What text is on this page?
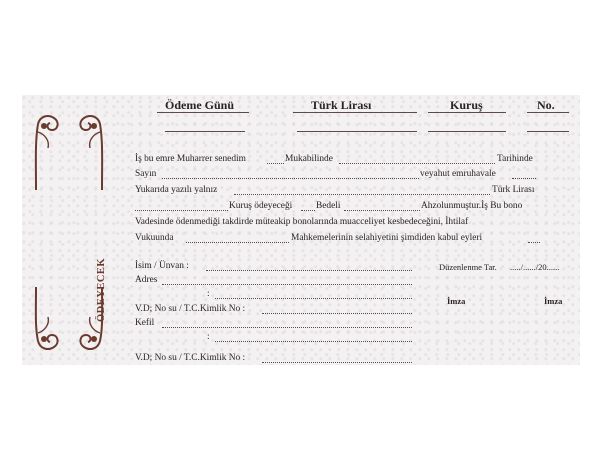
Ödeme Günü	Türk Lirası	Kuruş	No.
İş bu emre Muharrer senedim	Mukabilinde	Tarihinde
Sayın	veyahut emruhavale
Yukarıda yazılı yalnız	Türk Lirası
Kuruş ödeyeceği	Bedeli	Ahzolunmuştur.İş Bu bono
Vadesinde ödenmediği takdirde müteakip bonolarında muacceliyet kesbedeceğini, İhtilaf
Vukuunda	Mahkemelerinin selahiyetini şimdiden kabul eyleri
ÖDEYECEK	İsim / Ünvan :
Adres
:
V.D; No su / T.C.Kimlik No :
Kefil
:
V.D; No su / T.C.Kimlik No :
Düzenlenme Tar. ...../....../20......
İmza	İmza
